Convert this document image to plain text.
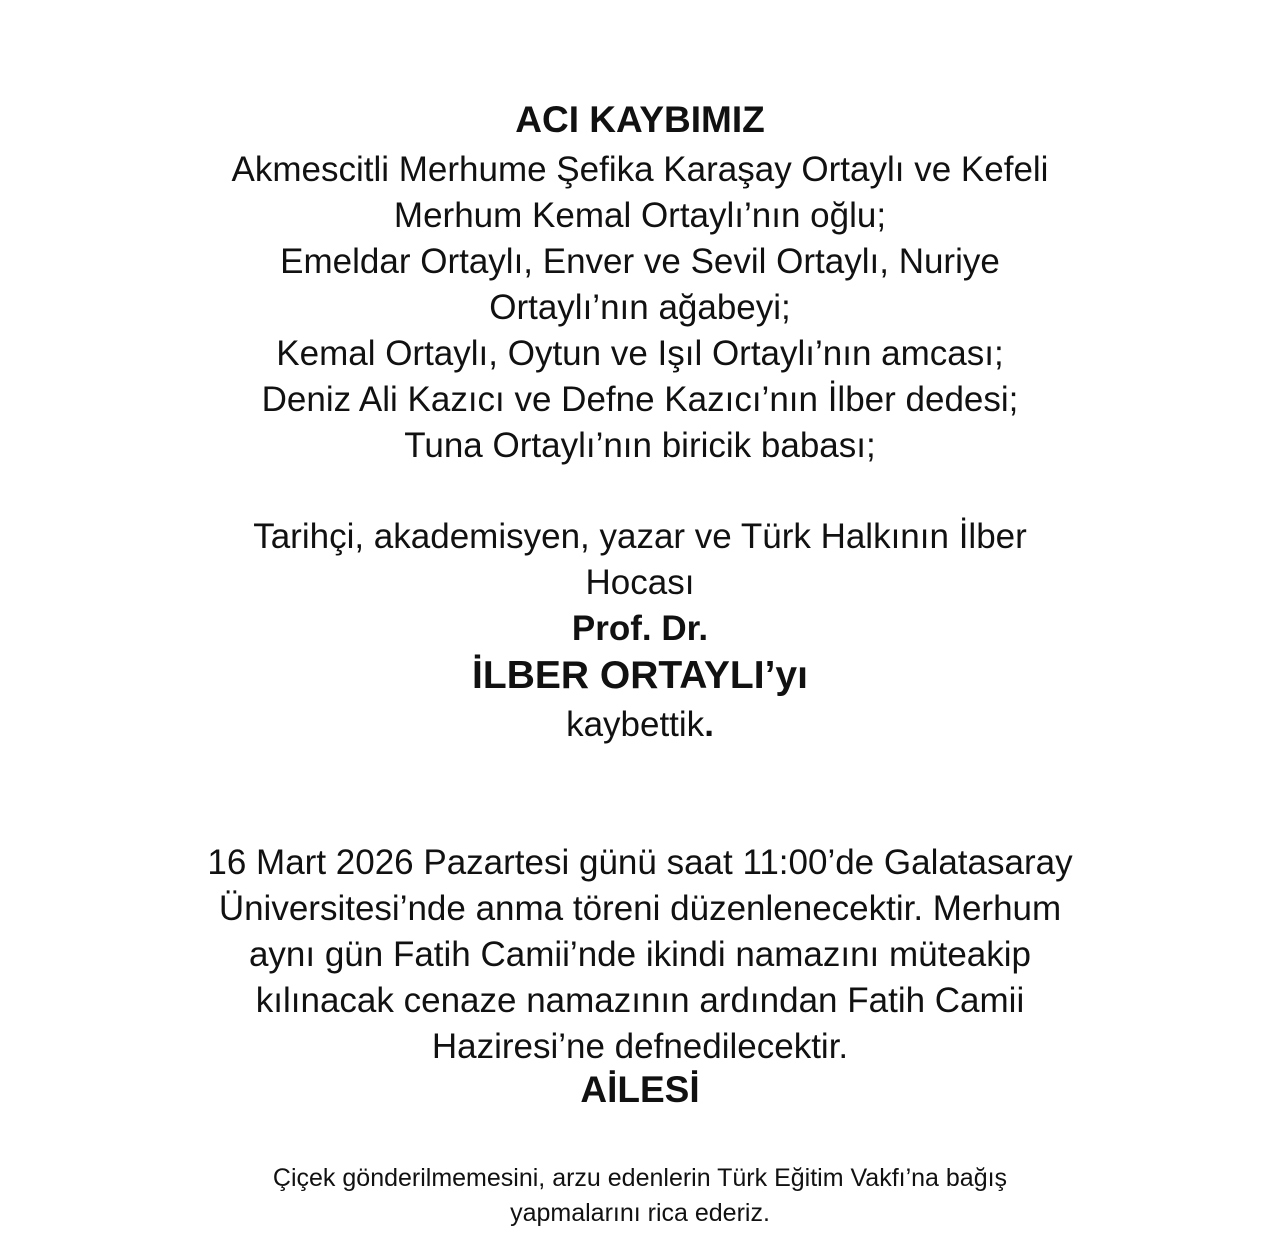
ACI KAYBIMIZ
Akmescitli Merhume Şefika Karaşay Ortaylı ve Kefeli
Merhum Kemal Ortaylı’nın oğlu;
Emeldar Ortaylı, Enver ve Sevil Ortaylı, Nuriye
Ortaylı’nın ağabeyi;
Kemal Ortaylı, Oytun ve Işıl Ortaylı’nın amcası;
Deniz Ali Kazıcı ve Defne Kazıcı’nın İlber dedesi;
Tuna Ortaylı’nın biricik babası;
Tarihçi, akademisyen, yazar ve Türk Halkının İlber
Hocası
Prof. Dr.
İLBER ORTAYLI’yı
kaybettik.
16 Mart 2026 Pazartesi günü saat 11:00’de Galatasaray
Üniversitesi’nde anma töreni düzenlenecektir. Merhum
aynı gün Fatih Camii’nde ikindi namazını müteakip
kılınacak cenaze namazının ardından Fatih Camii
Haziresi’ne defnedilecektir.
AİLESİ
Çiçek gönderilmemesini, arzu edenlerin Türk Eğitim Vakfı’na bağış
yapmalarını rica ederiz.
